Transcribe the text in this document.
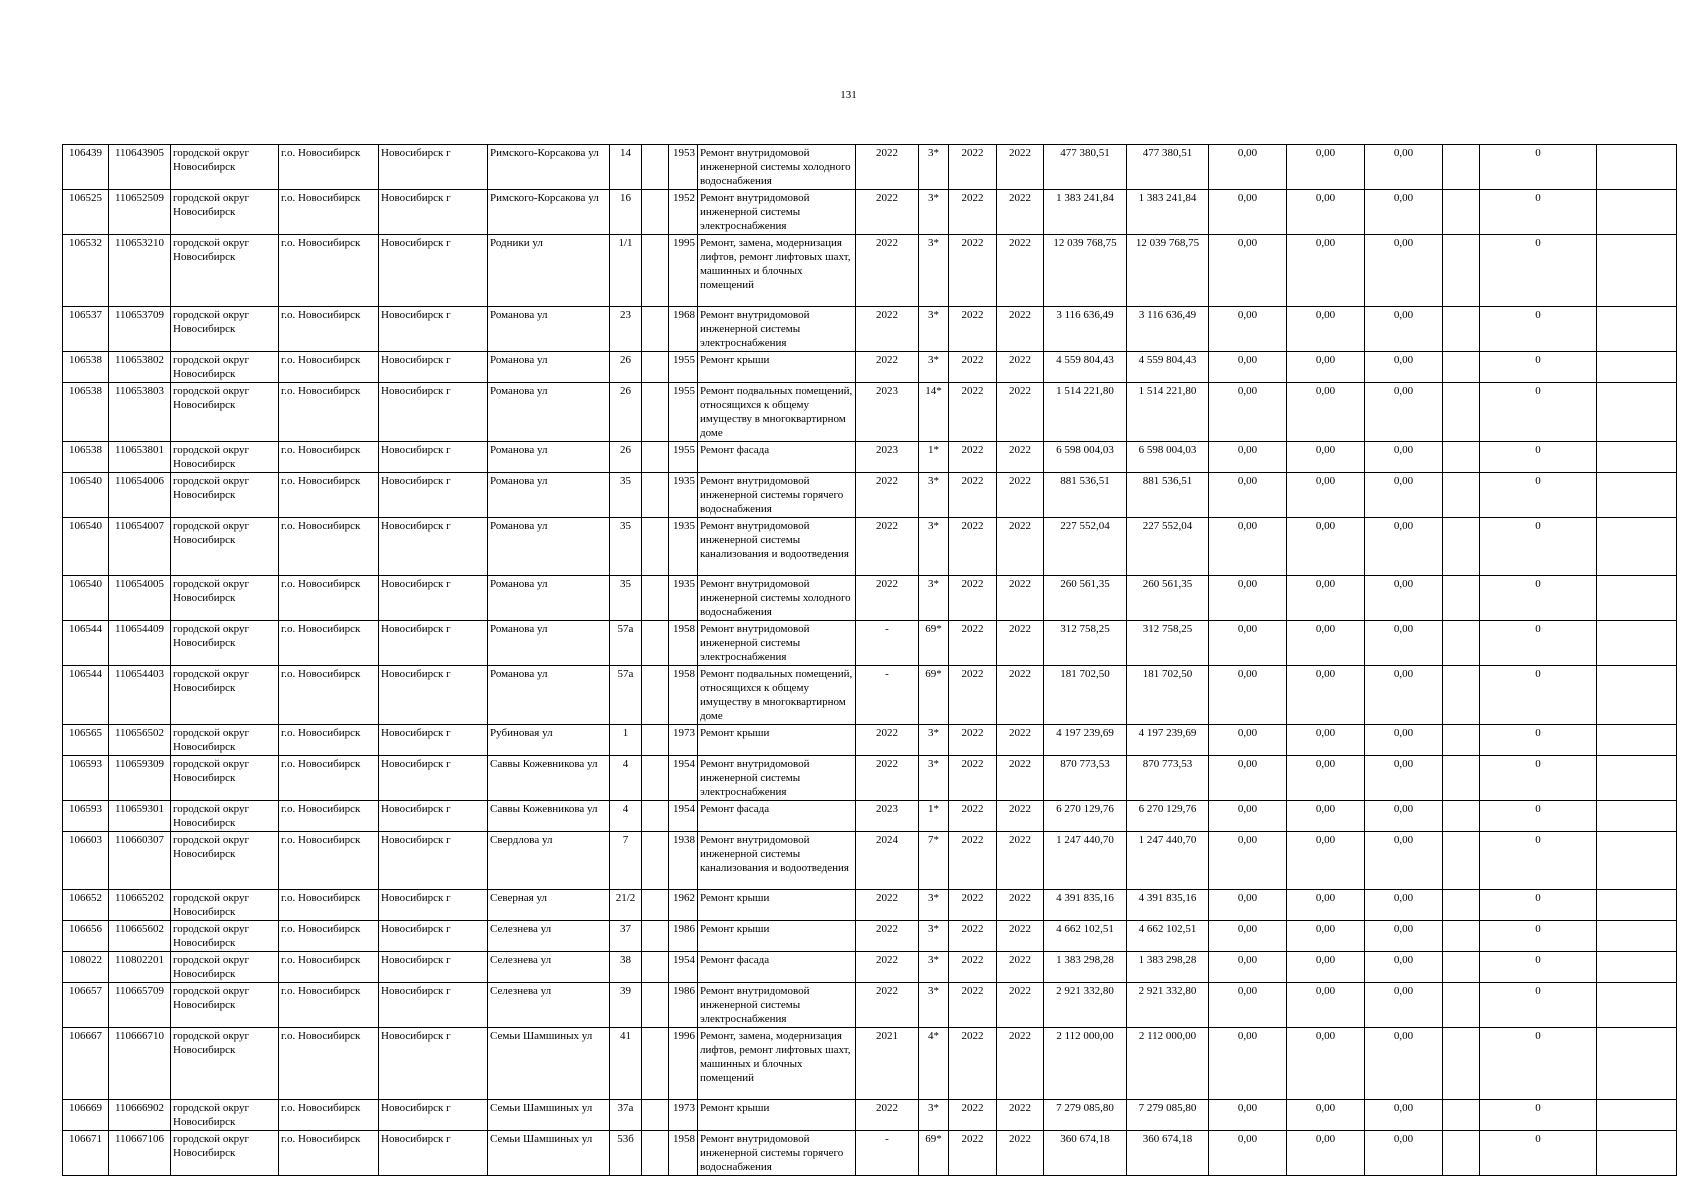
131
106439	110643905	городской округ Новосибирск	г.о. Новосибирск	Новосибирск г	Римского-Корсакова ул	14		1953	Ремонт внутридомовой инженерной системы холодного водоснабжения	2022	3*	2022	2022	477 380,51	477 380,51	0,00	0,00	0,00		0	
106525	110652509	городской округ Новосибирск	г.о. Новосибирск	Новосибирск г	Римского-Корсакова ул	16		1952	Ремонт внутридомовой инженерной системы электроснабжения	2022	3*	2022	2022	1 383 241,84	1 383 241,84	0,00	0,00	0,00		0	
106532	110653210	городской округ Новосибирск	г.о. Новосибирск	Новосибирск г	Родники ул	1/1		1995	Ремонт, замена, модернизация лифтов, ремонт лифтовых шахт, машинных и блочных помещений	2022	3*	2022	2022	12 039 768,75	12 039 768,75	0,00	0,00	0,00		0	
106537	110653709	городской округ Новосибирск	г.о. Новосибирск	Новосибирск г	Романова ул	23		1968	Ремонт внутридомовой инженерной системы электроснабжения	2022	3*	2022	2022	3 116 636,49	3 116 636,49	0,00	0,00	0,00		0	
106538	110653802	городской округ Новосибирск	г.о. Новосибирск	Новосибирск г	Романова ул	26		1955	Ремонт крыши	2022	3*	2022	2022	4 559 804,43	4 559 804,43	0,00	0,00	0,00		0	
106538	110653803	городской округ Новосибирск	г.о. Новосибирск	Новосибирск г	Романова ул	26		1955	Ремонт подвальных помещений, относящихся к общему имуществу в многоквартирном доме	2023	14*	2022	2022	1 514 221,80	1 514 221,80	0,00	0,00	0,00		0	
106538	110653801	городской округ Новосибирск	г.о. Новосибирск	Новосибирск г	Романова ул	26		1955	Ремонт фасада	2023	1*	2022	2022	6 598 004,03	6 598 004,03	0,00	0,00	0,00		0	
106540	110654006	городской округ Новосибирск	г.о. Новосибирск	Новосибирск г	Романова ул	35		1935	Ремонт внутридомовой инженерной системы горячего водоснабжения	2022	3*	2022	2022	881 536,51	881 536,51	0,00	0,00	0,00		0	
106540	110654007	городской округ Новосибирск	г.о. Новосибирск	Новосибирск г	Романова ул	35		1935	Ремонт внутридомовой инженерной системы канализования и водоотведения	2022	3*	2022	2022	227 552,04	227 552,04	0,00	0,00	0,00		0	
106540	110654005	городской округ Новосибирск	г.о. Новосибирск	Новосибирск г	Романова ул	35		1935	Ремонт внутридомовой инженерной системы холодного водоснабжения	2022	3*	2022	2022	260 561,35	260 561,35	0,00	0,00	0,00		0	
106544	110654409	городской округ Новосибирск	г.о. Новосибирск	Новосибирск г	Романова ул	57а		1958	Ремонт внутридомовой инженерной системы электроснабжения	-	69*	2022	2022	312 758,25	312 758,25	0,00	0,00	0,00		0	
106544	110654403	городской округ Новосибирск	г.о. Новосибирск	Новосибирск г	Романова ул	57а		1958	Ремонт подвальных помещений, относящихся к общему имуществу в многоквартирном доме	-	69*	2022	2022	181 702,50	181 702,50	0,00	0,00	0,00		0	
106565	110656502	городской округ Новосибирск	г.о. Новосибирск	Новосибирск г	Рубиновая ул	1		1973	Ремонт крыши	2022	3*	2022	2022	4 197 239,69	4 197 239,69	0,00	0,00	0,00		0	
106593	110659309	городской округ Новосибирск	г.о. Новосибирск	Новосибирск г	Саввы Кожевникова ул	4		1954	Ремонт внутридомовой инженерной системы электроснабжения	2022	3*	2022	2022	870 773,53	870 773,53	0,00	0,00	0,00		0	
106593	110659301	городской округ Новосибирск	г.о. Новосибирск	Новосибирск г	Саввы Кожевникова ул	4		1954	Ремонт фасада	2023	1*	2022	2022	6 270 129,76	6 270 129,76	0,00	0,00	0,00		0	
106603	110660307	городской округ Новосибирск	г.о. Новосибирск	Новосибирск г	Свердлова ул	7		1938	Ремонт внутридомовой инженерной системы канализования и водоотведения	2024	7*	2022	2022	1 247 440,70	1 247 440,70	0,00	0,00	0,00		0	
106652	110665202	городской округ Новосибирск	г.о. Новосибирск	Новосибирск г	Северная ул	21/2		1962	Ремонт крыши	2022	3*	2022	2022	4 391 835,16	4 391 835,16	0,00	0,00	0,00		0	
106656	110665602	городской округ Новосибирск	г.о. Новосибирск	Новосибирск г	Селезнева ул	37		1986	Ремонт крыши	2022	3*	2022	2022	4 662 102,51	4 662 102,51	0,00	0,00	0,00		0	
108022	110802201	городской округ Новосибирск	г.о. Новосибирск	Новосибирск г	Селезнева ул	38		1954	Ремонт фасада	2022	3*	2022	2022	1 383 298,28	1 383 298,28	0,00	0,00	0,00		0	
106657	110665709	городской округ Новосибирск	г.о. Новосибирск	Новосибирск г	Селезнева ул	39		1986	Ремонт внутридомовой инженерной системы электроснабжения	2022	3*	2022	2022	2 921 332,80	2 921 332,80	0,00	0,00	0,00		0	
106667	110666710	городской округ Новосибирск	г.о. Новосибирск	Новосибирск г	Семьи Шамшиных ул	41		1996	Ремонт, замена, модернизация лифтов, ремонт лифтовых шахт, машинных и блочных помещений	2021	4*	2022	2022	2 112 000,00	2 112 000,00	0,00	0,00	0,00		0	
106669	110666902	городской округ Новосибирск	г.о. Новосибирск	Новосибирск г	Семьи Шамшиных ул	37а		1973	Ремонт крыши	2022	3*	2022	2022	7 279 085,80	7 279 085,80	0,00	0,00	0,00		0	
106671	110667106	городской округ Новосибирск	г.о. Новосибирск	Новосибирск г	Семьи Шамшиных ул	53б		1958	Ремонт внутридомовой инженерной системы горячего водоснабжения	-	69*	2022	2022	360 674,18	360 674,18	0,00	0,00	0,00		0	
